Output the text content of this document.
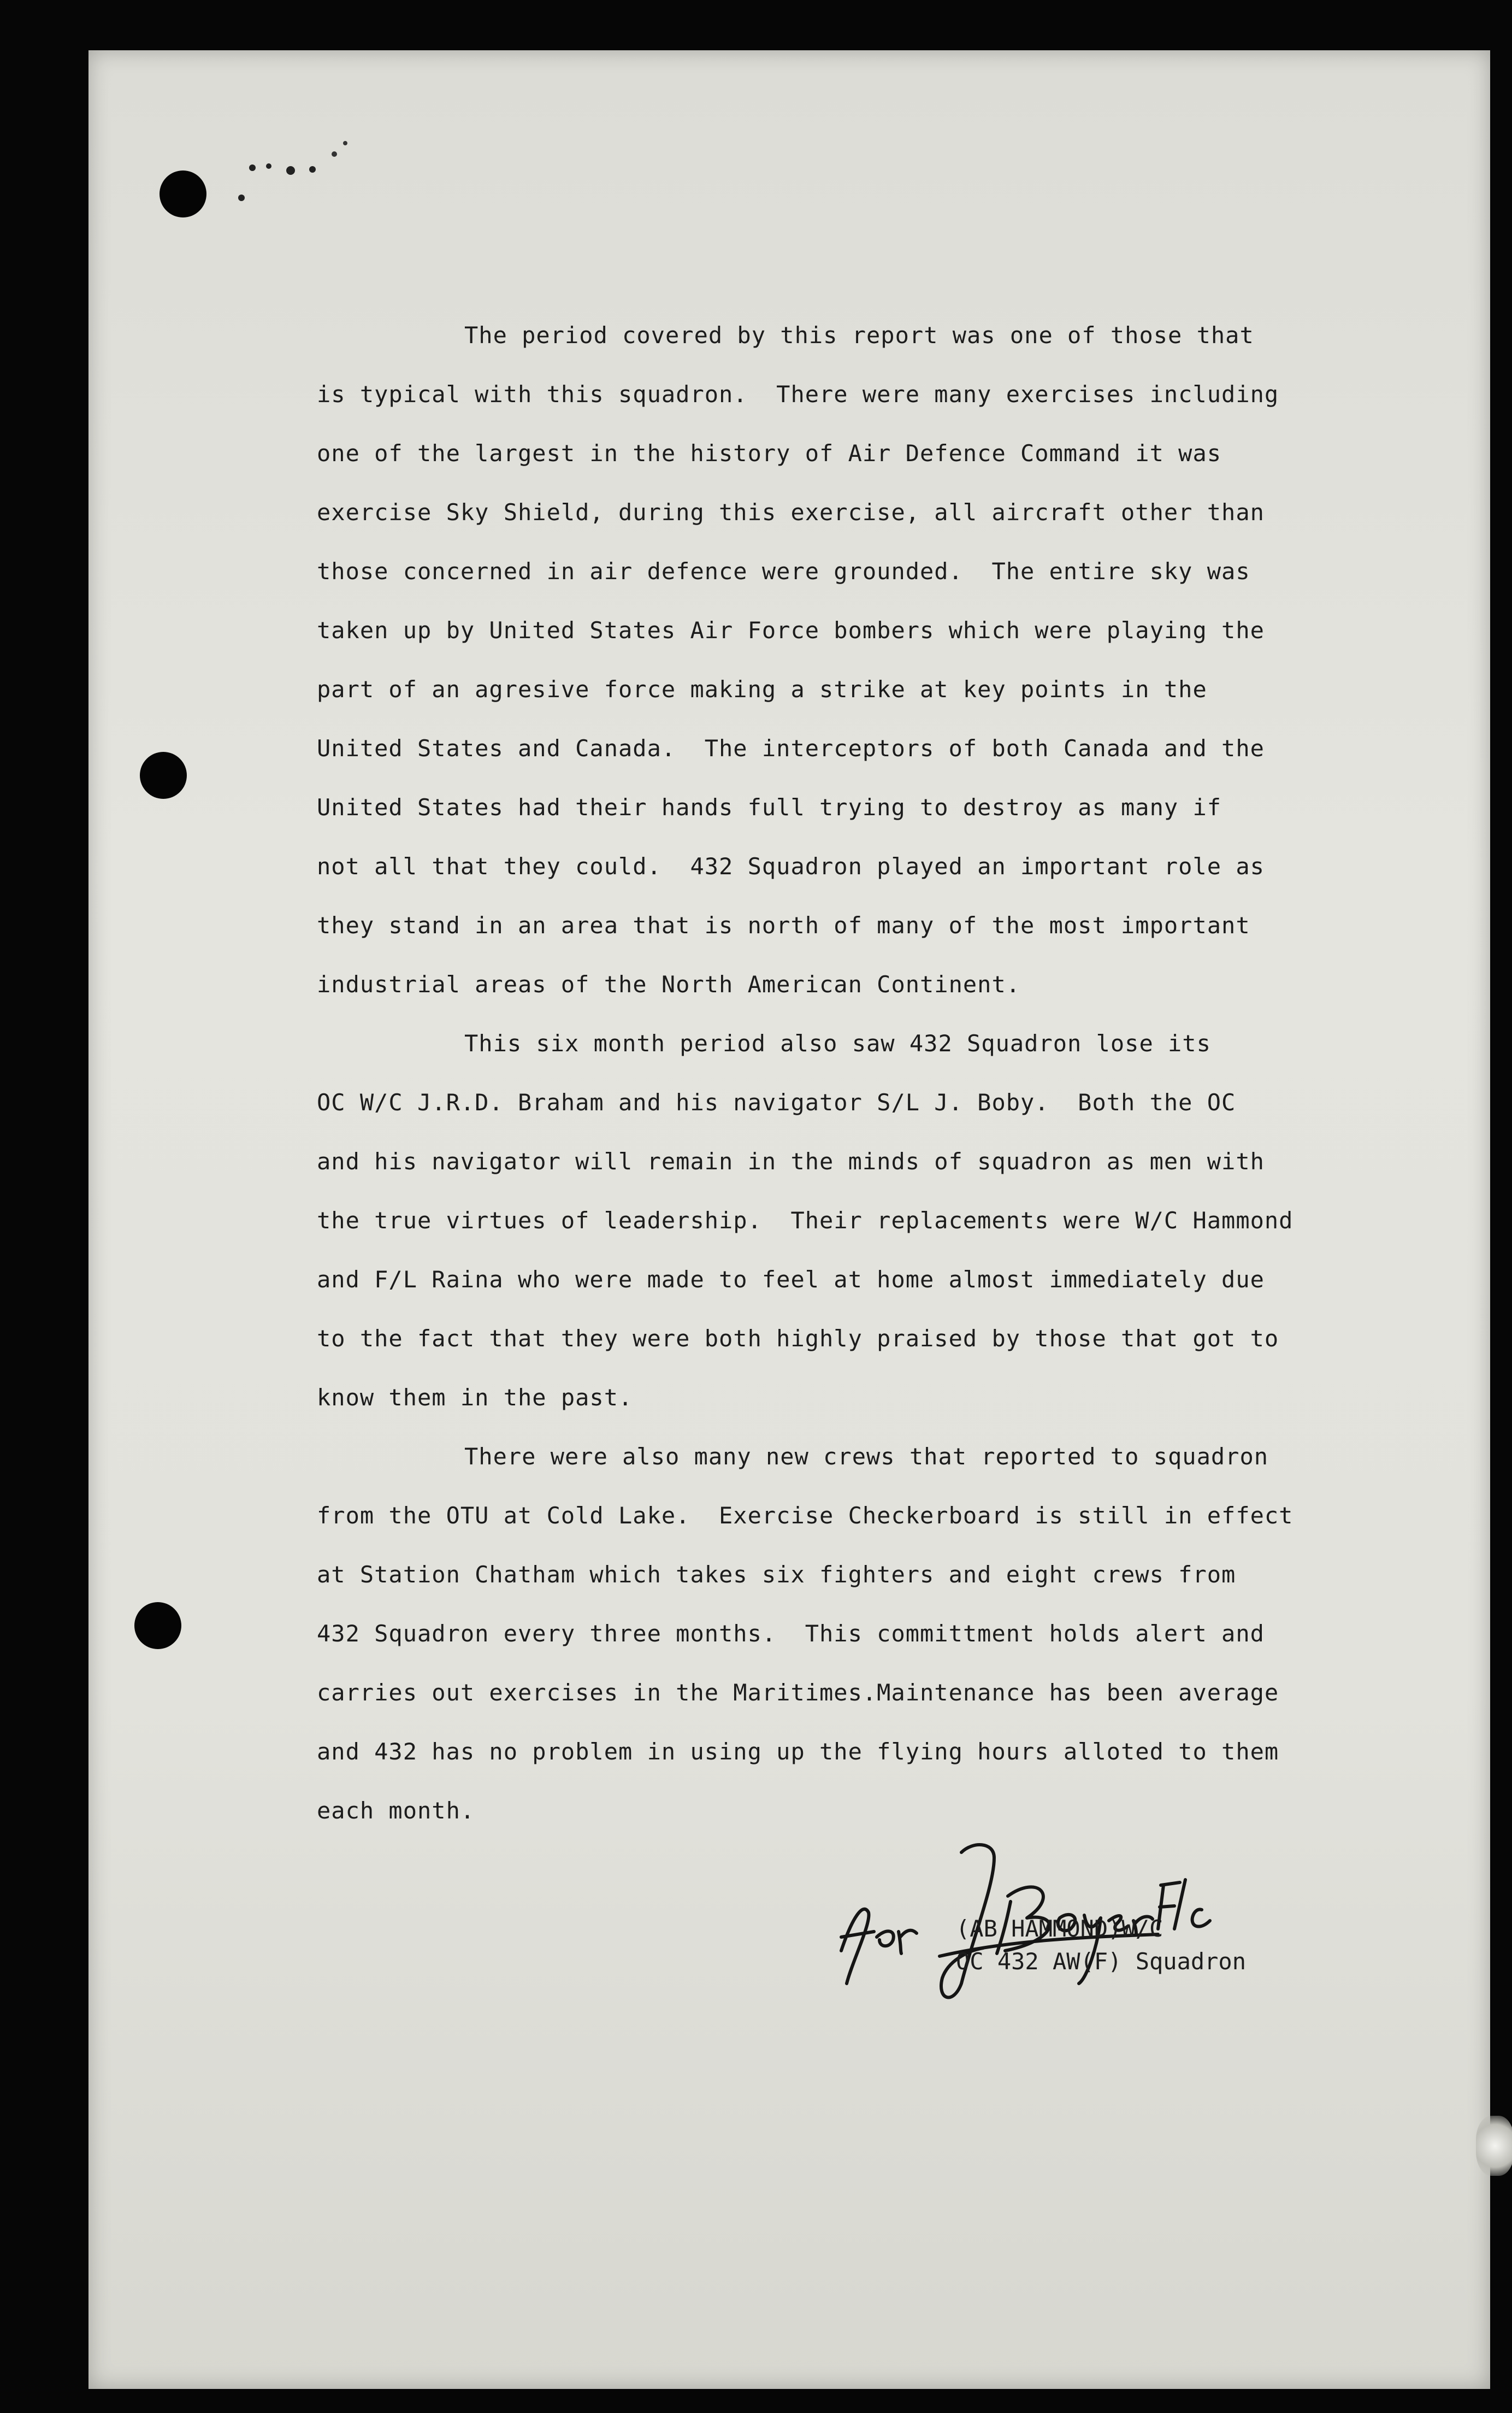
The period covered by this report was one of those that
is typical with this squadron.  There were many exercises including
one of the largest in the history of Air Defence Command it was
exercise Sky Shield, during this exercise, all aircraft other than
those concerned in air defence were grounded.  The entire sky was
taken up by United States Air Force bombers which were playing the
part of an agresive force making a strike at key points in the
United States and Canada.  The interceptors of both Canada and the
United States had their hands full trying to destroy as many if
not all that they could.  432 Squadron played an important role as
they stand in an area that is north of many of the most important
industrial areas of the North American Continent.
This six month period also saw 432 Squadron lose its
OC W/C J.R.D. Braham and his navigator S/L J. Boby.  Both the OC
and his navigator will remain in the minds of squadron as men with
the true virtues of leadership.  Their replacements were W/C Hammond
and F/L Raina who were made to feel at home almost immediately due
to the fact that they were both highly praised by those that got to
know them in the past.
There were also many new crews that reported to squadron
from the OTU at Cold Lake.  Exercise Checkerboard is still in effect
at Station Chatham which takes six fighters and eight crews from
432 Squadron every three months.  This committment holds alert and
carries out exercises in the Maritimes.Maintenance has been average
and 432 has no problem in using up the flying hours alloted to them
each month.
(AB HAMMOND)W/C
OC 432 AW(F) Squadron
